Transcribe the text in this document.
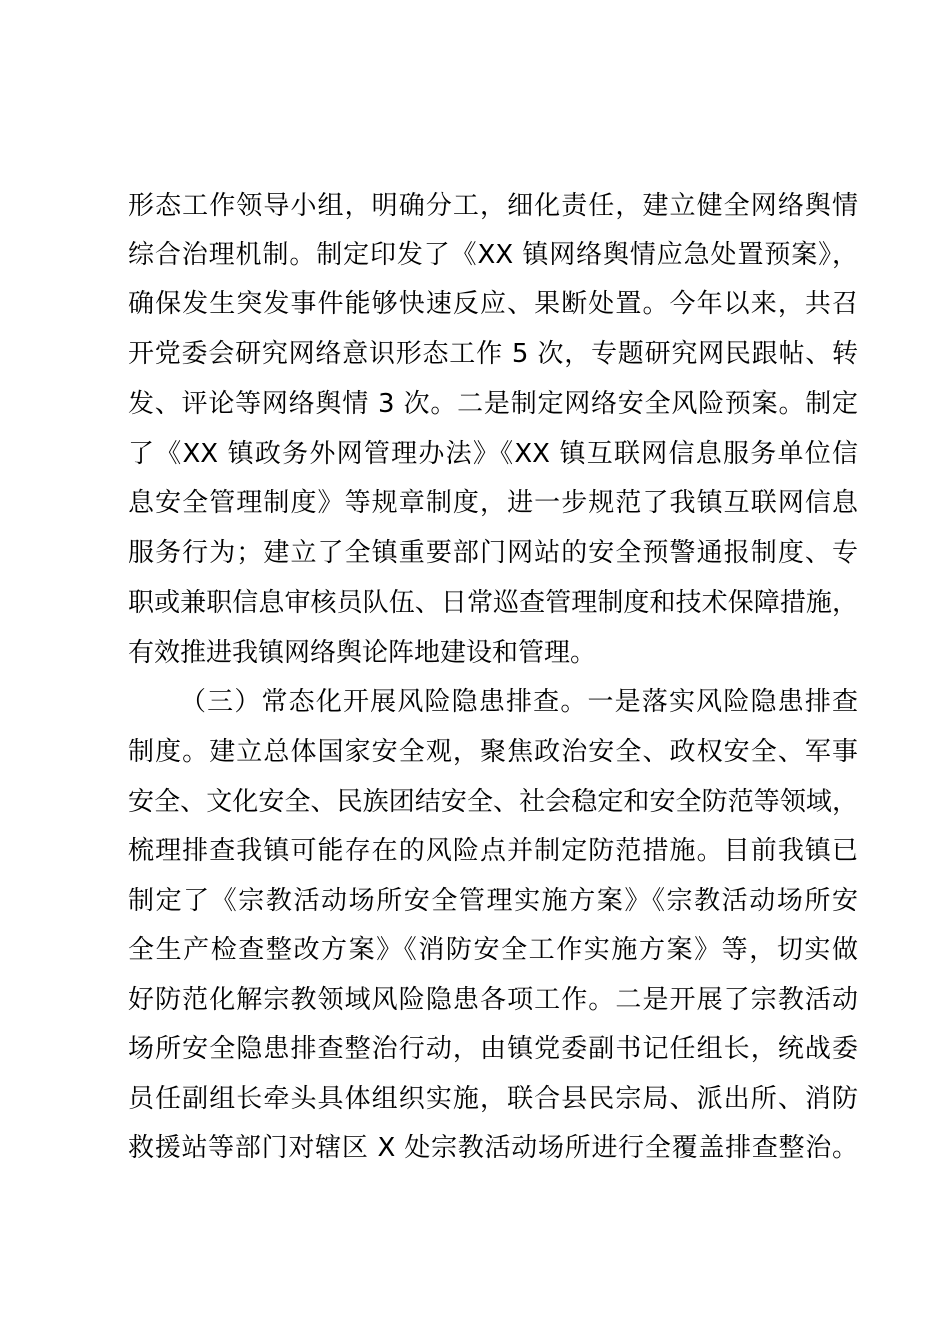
形态工作领导小组，明确分工，细化责任，建立健全网络舆情
综合治理机制。制定印发了《XX 镇网络舆情应急处置预案》，
确保发生突发事件能够快速反应、果断处置。今年以来，共召
开党委会研究网络意识形态工作 5 次，专题研究网民跟帖、转
发、评论等网络舆情 3 次。二是制定网络安全风险预案。制定
了《XX 镇政务外网管理办法》《XX 镇互联网信息服务单位信
息安全管理制度》等规章制度，进一步规范了我镇互联网信息
服务行为；建立了全镇重要部门网站的安全预警通报制度、专
职或兼职信息审核员队伍、日常巡查管理制度和技术保障措施，
有效推进我镇网络舆论阵地建设和管理。
（三）常态化开展风险隐患排查。一是落实风险隐患排查
制度。建立总体国家安全观，聚焦政治安全、政权安全、军事
安全、文化安全、民族团结安全、社会稳定和安全防范等领域，
梳理排查我镇可能存在的风险点并制定防范措施。目前我镇已
制定了《宗教活动场所安全管理实施方案》《宗教活动场所安
全生产检查整改方案》《消防安全工作实施方案》等，切实做
好防范化解宗教领域风险隐患各项工作。二是开展了宗教活动
场所安全隐患排查整治行动，由镇党委副书记任组长，统战委
员任副组长牵头具体组织实施，联合县民宗局、派出所、消防
救援站等部门对辖区 X 处宗教活动场所进行全覆盖排查整治。
